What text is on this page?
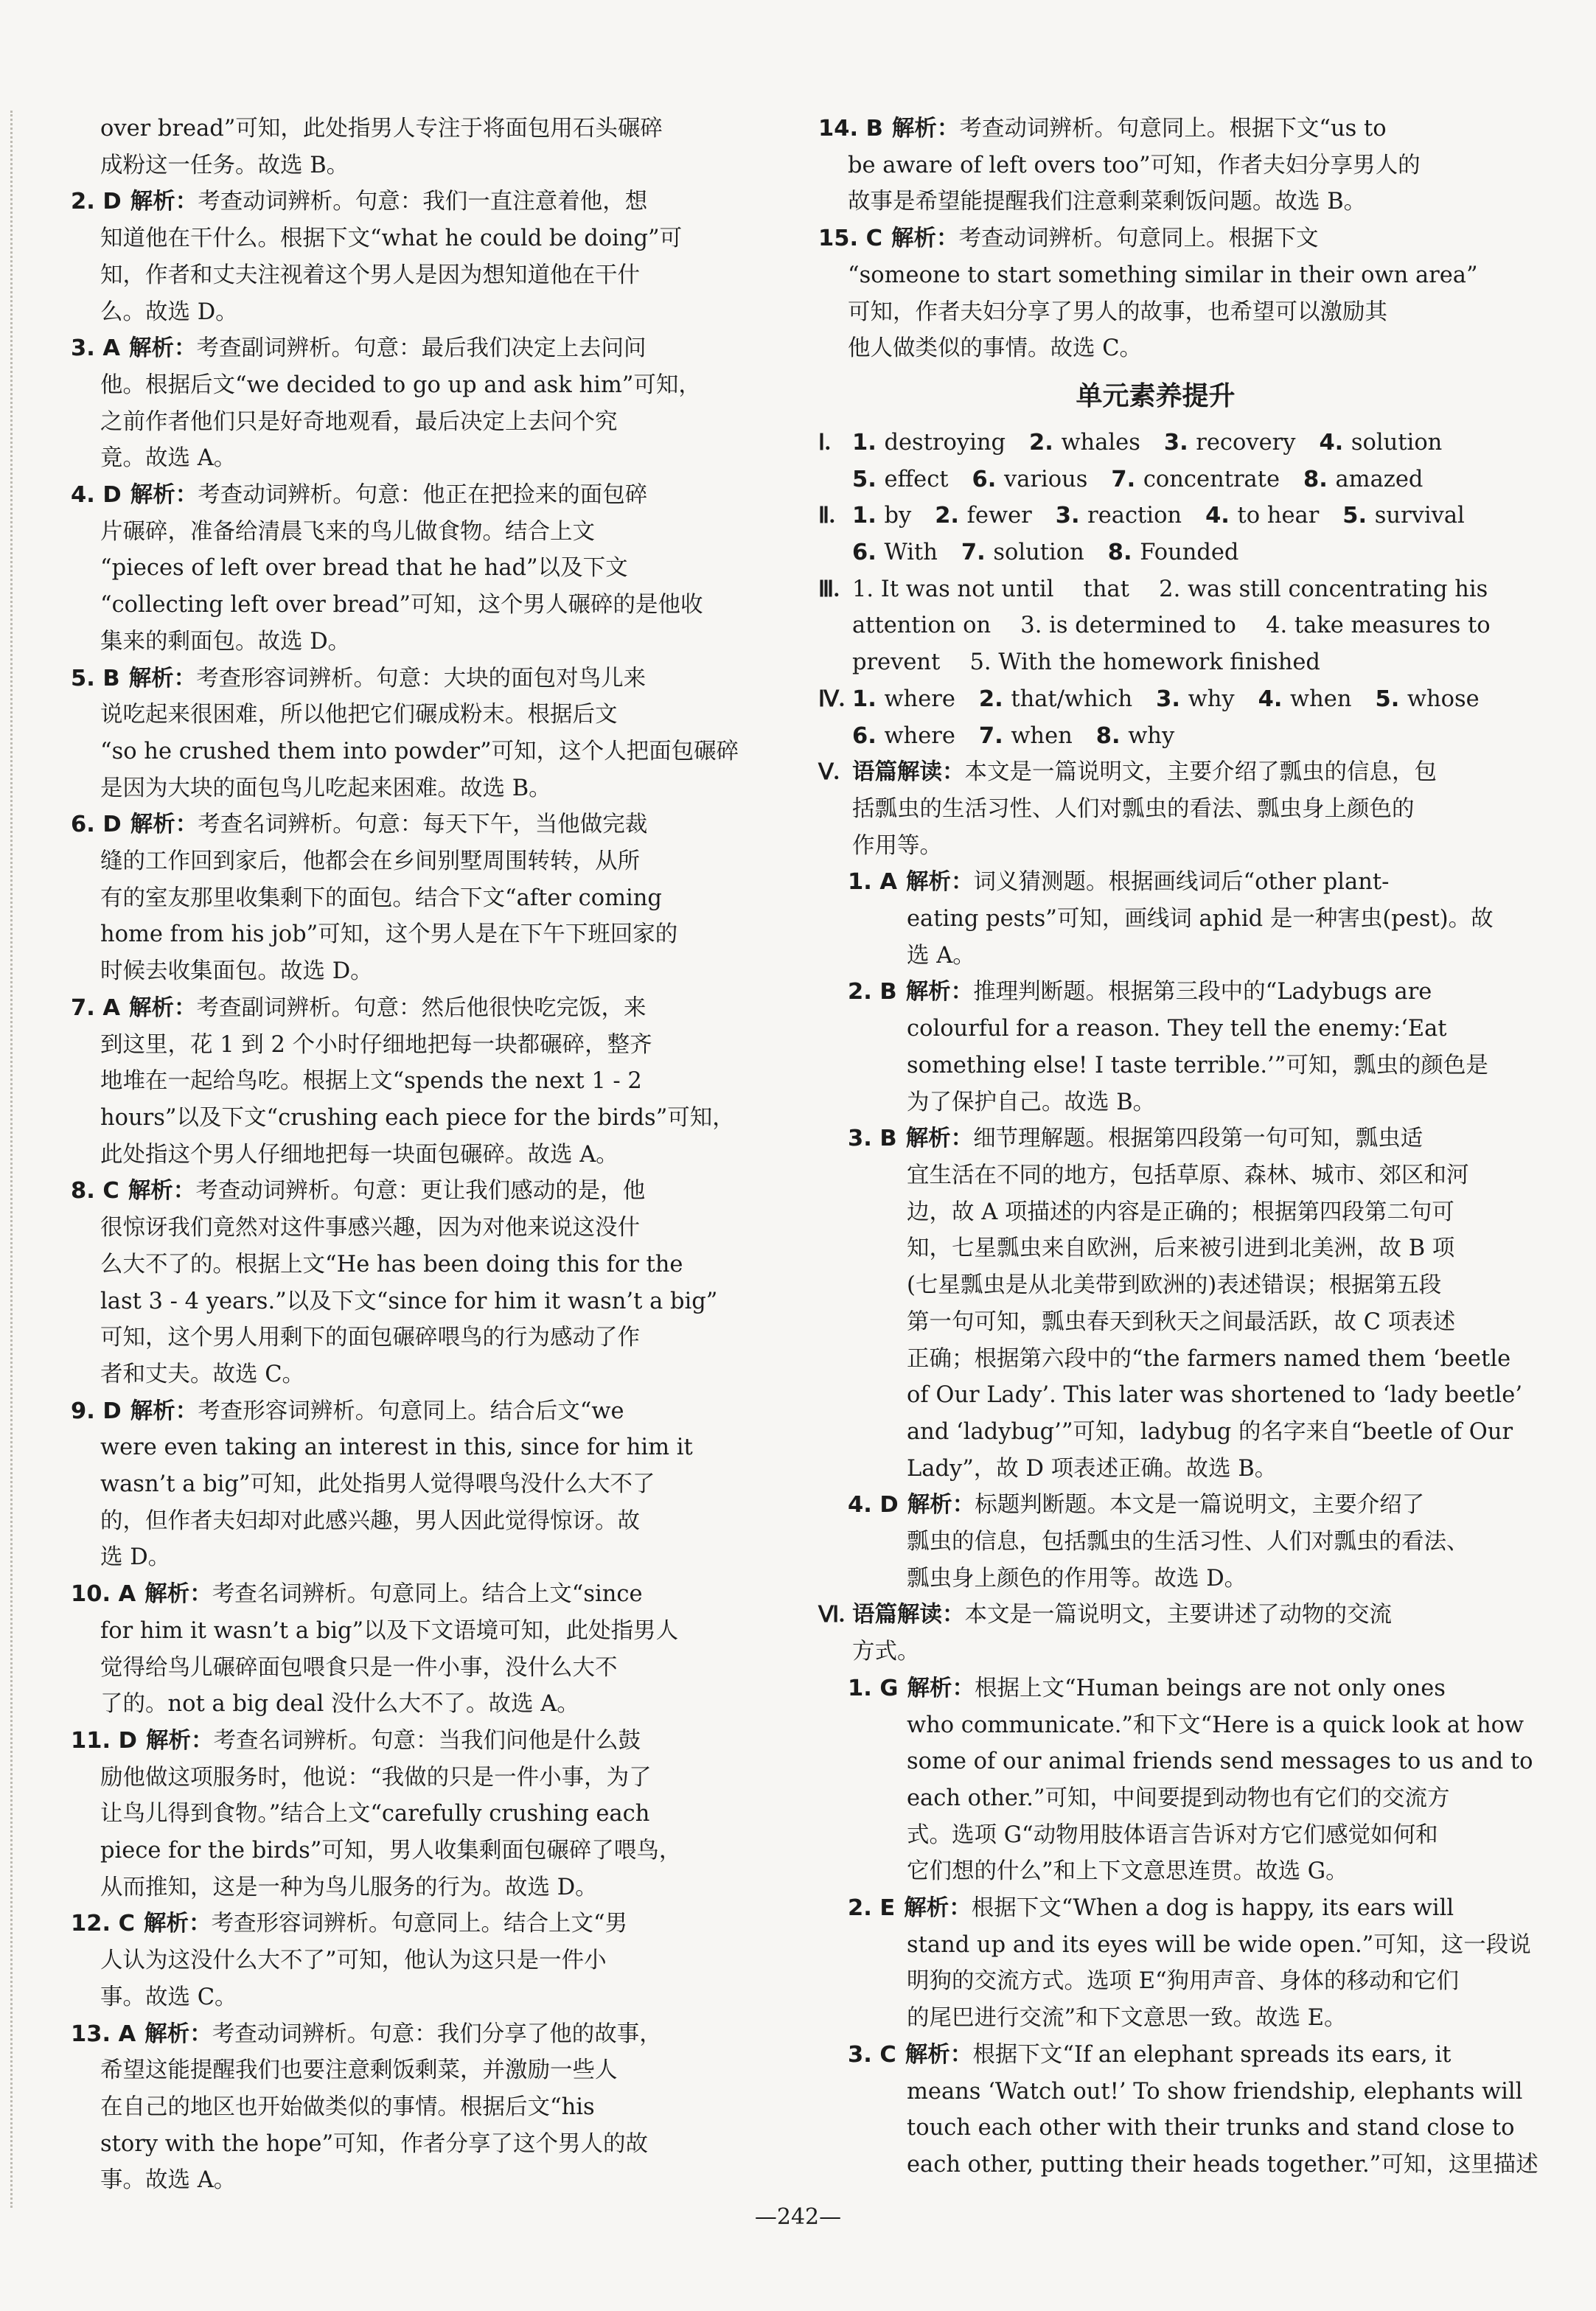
over bread”可知，此处指男人专注于将面包用石头碾碎
成粉这一任务。故选 B。
2. D 解析：考查动词辨析。句意：我们一直注意着他，想
知道他在干什么。根据下文“what he could be doing”可
知，作者和丈夫注视着这个男人是因为想知道他在干什
么。故选 D。
3. A 解析：考查副词辨析。句意：最后我们决定上去问问
他。根据后文“we decided to go up and ask him”可知，
之前作者他们只是好奇地观看，最后决定上去问个究
竟。故选 A。
4. D 解析：考查动词辨析。句意：他正在把捡来的面包碎
片碾碎，准备给清晨飞来的鸟儿做食物。结合上文
“pieces of left over bread that he had”以及下文
“collecting left over bread”可知，这个男人碾碎的是他收
集来的剩面包。故选 D。
5. B 解析：考查形容词辨析。句意：大块的面包对鸟儿来
说吃起来很困难，所以他把它们碾成粉末。根据后文
“so he crushed them into powder”可知，这个人把面包碾碎
是因为大块的面包鸟儿吃起来困难。故选 B。
6. D 解析：考查名词辨析。句意：每天下午，当他做完裁
缝的工作回到家后，他都会在乡间别墅周围转转，从所
有的室友那里收集剩下的面包。结合下文“after coming
home from his job”可知，这个男人是在下午下班回家的
时候去收集面包。故选 D。
7. A 解析：考查副词辨析。句意：然后他很快吃完饭，来
到这里，花 1 到 2 个小时仔细地把每一块都碾碎，整齐
地堆在一起给鸟吃。根据上文“spends the next 1 - 2
hours”以及下文“crushing each piece for the birds”可知，
此处指这个男人仔细地把每一块面包碾碎。故选 A。
8. C 解析：考查动词辨析。句意：更让我们感动的是，他
很惊讶我们竟然对这件事感兴趣，因为对他来说这没什
么大不了的。根据上文“He has been doing this for the
last 3 - 4 years.”以及下文“since for him it wasn’t a big”
可知，这个男人用剩下的面包碾碎喂鸟的行为感动了作
者和丈夫。故选 C。
9. D 解析：考查形容词辨析。句意同上。结合后文“we
were even taking an interest in this, since for him it
wasn’t a big”可知，此处指男人觉得喂鸟没什么大不了
的，但作者夫妇却对此感兴趣，男人因此觉得惊讶。故
选 D。
10. A 解析：考查名词辨析。句意同上。结合上文“since
for him it wasn’t a big”以及下文语境可知，此处指男人
觉得给鸟儿碾碎面包喂食只是一件小事，没什么大不
了的。not a big deal 没什么大不了。故选 A。
11. D 解析：考查名词辨析。句意：当我们问他是什么鼓
励他做这项服务时，他说：“我做的只是一件小事，为了
让鸟儿得到食物。”结合上文“carefully crushing each
piece for the birds”可知，男人收集剩面包碾碎了喂鸟，
从而推知，这是一种为鸟儿服务的行为。故选 D。
12. C 解析：考查形容词辨析。句意同上。结合上文“男
人认为这没什么大不了”可知，他认为这只是一件小
事。故选 C。
13. A 解析：考查动词辨析。句意：我们分享了他的故事，
希望这能提醒我们也要注意剩饭剩菜，并激励一些人
在自己的地区也开始做类似的事情。根据后文“his
story with the hope”可知，作者分享了这个男人的故
事。故选 A。
14. B 解析：考查动词辨析。句意同上。根据下文“us to
be aware of left overs too”可知，作者夫妇分享男人的
故事是希望能提醒我们注意剩菜剩饭问题。故选 B。
15. C 解析：考查动词辨析。句意同上。根据下文
“someone to start something similar in their own area”
可知，作者夫妇分享了男人的故事，也希望可以激励其
他人做类似的事情。故选 C。
单元素养提升
Ⅰ. 1. destroying 2. whales 3. recovery 4. solution
5. effect 6. various 7. concentrate 8. amazed
Ⅱ. 1. by 2. fewer 3. reaction 4. to hear 5. survival
6. With 7. solution 8. Founded
Ⅲ. 1. It was not until　 that　 2. was still concentrating his
attention on　 3. is determined to　 4. take measures to
prevent　 5. With the homework finished
Ⅳ. 1. where 2. that/which 3. why 4. when 5. whose
6. where 7. when 8. why
Ⅴ. 语篇解读：本文是一篇说明文，主要介绍了瓢虫的信息，包
括瓢虫的生活习性、人们对瓢虫的看法、瓢虫身上颜色的
作用等。
1. A 解析：词义猜测题。根据画线词后“other plant-
eating pests”可知，画线词 aphid 是一种害虫(pest)。故
选 A。
2. B 解析：推理判断题。根据第三段中的“Ladybugs are
colourful for a reason. They tell the enemy:‘Eat
something else! I taste terrible.’”可知，瓢虫的颜色是
为了保护自己。故选 B。
3. B 解析：细节理解题。根据第四段第一句可知，瓢虫适
宜生活在不同的地方，包括草原、森林、城市、郊区和河
边，故 A 项描述的内容是正确的；根据第四段第二句可
知，七星瓢虫来自欧洲，后来被引进到北美洲，故 B 项
(七星瓢虫是从北美带到欧洲的)表述错误；根据第五段
第一句可知，瓢虫春天到秋天之间最活跃，故 C 项表述
正确；根据第六段中的“the farmers named them ‘beetle
of Our Lady’. This later was shortened to ‘lady beetle’
and ‘ladybug’”可知，ladybug 的名字来自“beetle of Our
Lady”，故 D 项表述正确。故选 B。
4. D 解析：标题判断题。本文是一篇说明文，主要介绍了
瓢虫的信息，包括瓢虫的生活习性、人们对瓢虫的看法、
瓢虫身上颜色的作用等。故选 D。
Ⅵ. 语篇解读：本文是一篇说明文，主要讲述了动物的交流
方式。
1. G 解析：根据上文“Human beings are not only ones
who communicate.”和下文“Here is a quick look at how
some of our animal friends send messages to us and to
each other.”可知，中间要提到动物也有它们的交流方
式。选项 G“动物用肢体语言告诉对方它们感觉如何和
它们想的什么”和上下文意思连贯。故选 G。
2. E 解析：根据下文“When a dog is happy, its ears will
stand up and its eyes will be wide open.”可知，这一段说
明狗的交流方式。选项 E“狗用声音、身体的移动和它们
的尾巴进行交流”和下文意思一致。故选 E。
3. C 解析：根据下文“If an elephant spreads its ears, it
means ‘Watch out!’ To show friendship, elephants will
touch each other with their trunks and stand close to
each other, putting their heads together.”可知，这里描述
—242—
